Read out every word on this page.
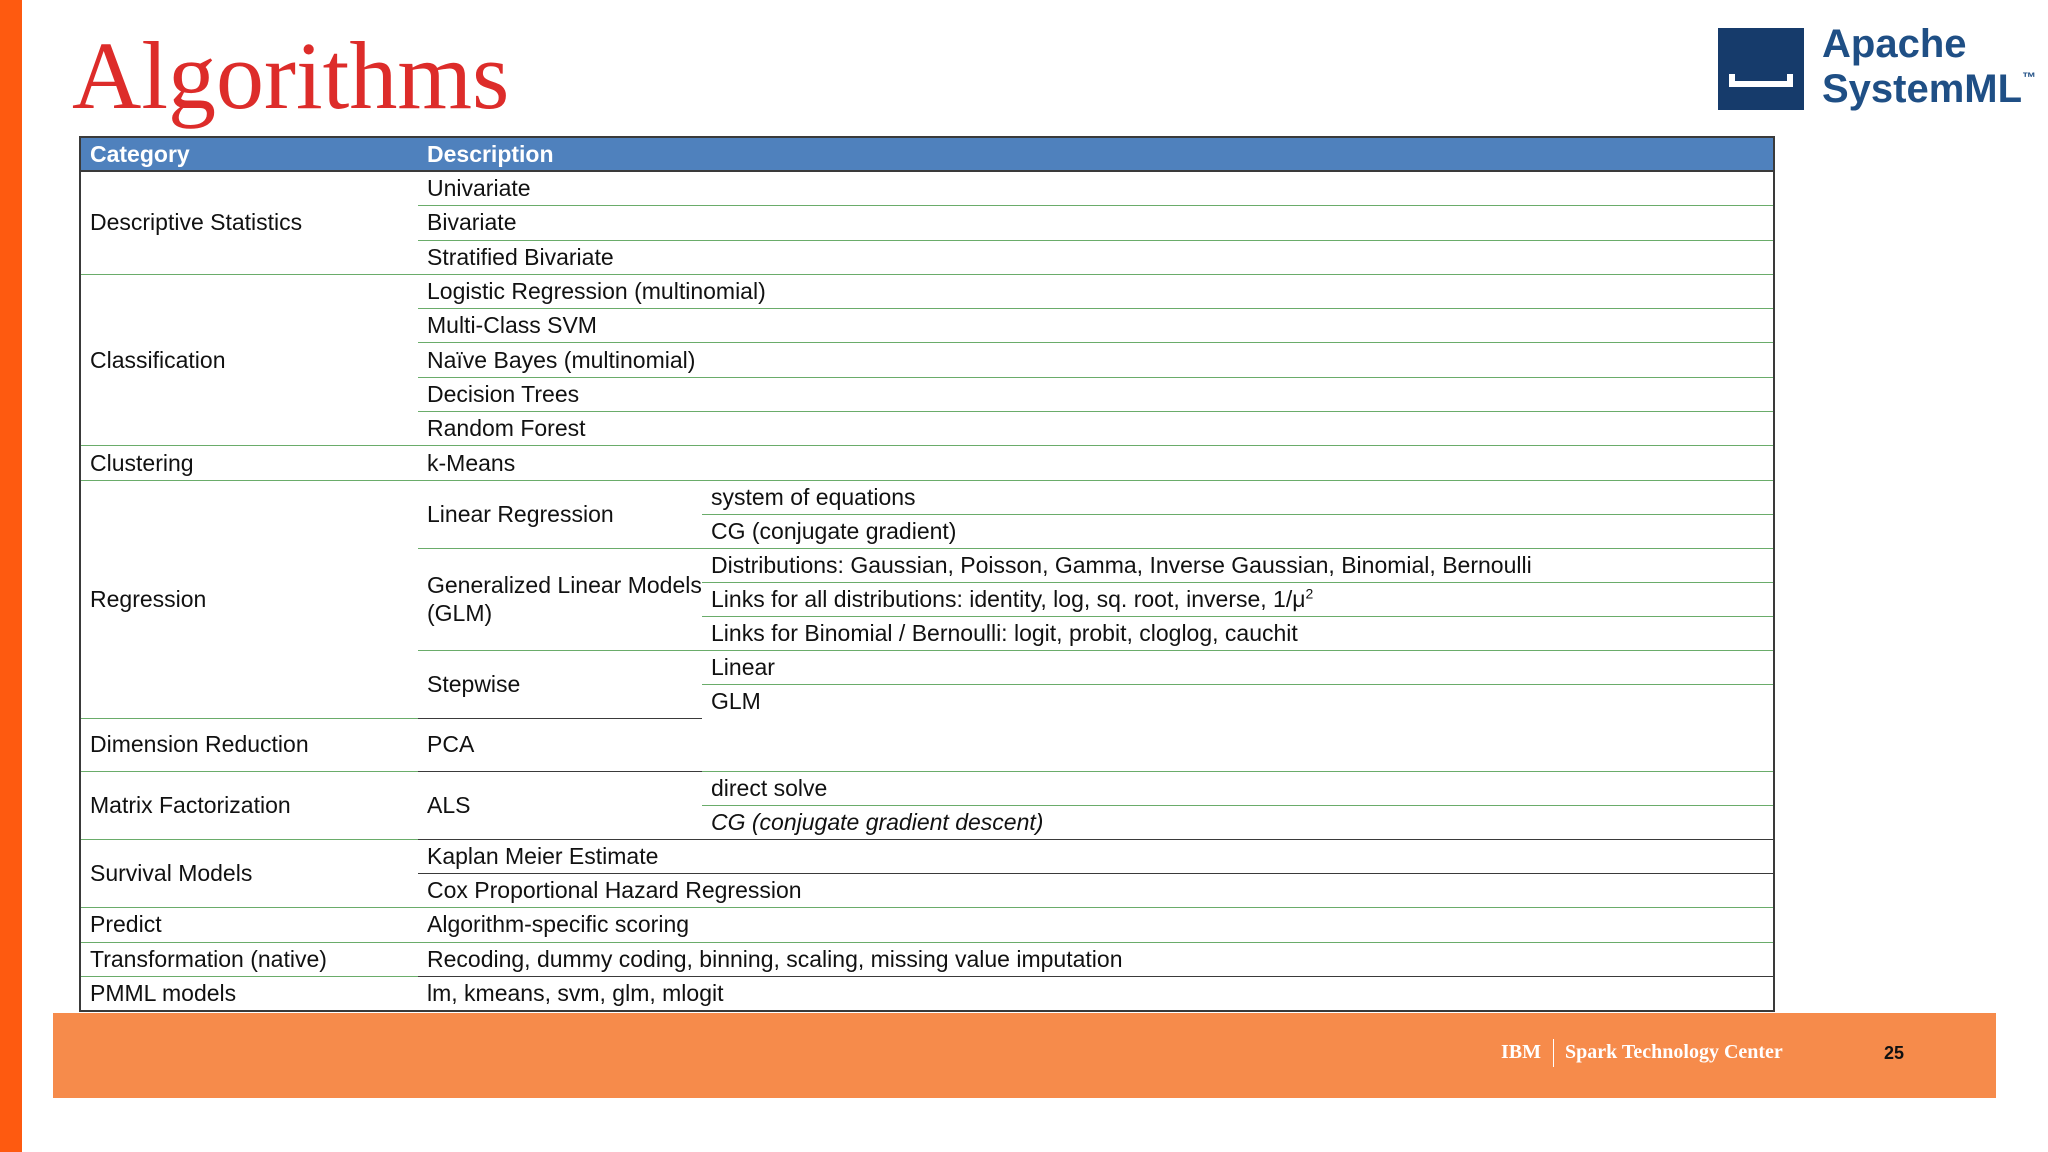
Algorithms	Apache
SystemML™
Category	Description	
Descriptive Statistics	Univariate	
	Bivariate	
	Stratified Bivariate	
Classification	Logistic Regression (multinomial)	
	Multi-Class SVM	
	Naïve Bayes (multinomial)	
	Decision Trees	
	Random Forest	
Clustering	k-Means	
Regression	Linear Regression	system of equations
		CG (conjugate gradient)
	Generalized Linear Models (GLM)	Distributions: Gaussian, Poisson, Gamma, Inverse Gaussian, Binomial, Bernoulli
		Links for all distributions: identity, log, sq. root, inverse, $1/\mu^2$
		Links for Binomial / Bernoulli: logit, probit, cloglog, cauchit
	Stepwise	Linear
		GLM
Dimension Reduction	PCA	
Matrix Factorization	ALS	direct solve
		CG (conjugate gradient descent)
Survival Models	Kaplan Meier Estimate	
	Cox Proportional Hazard Regression	
Predict	Algorithm-specific scoring	
Transformation (native)	Recoding, dummy coding, binning, scaling, missing value imputation	
PMML models	lm, kmeans, svm, glm, mlogit	
IBM Spark Technology Center	25
